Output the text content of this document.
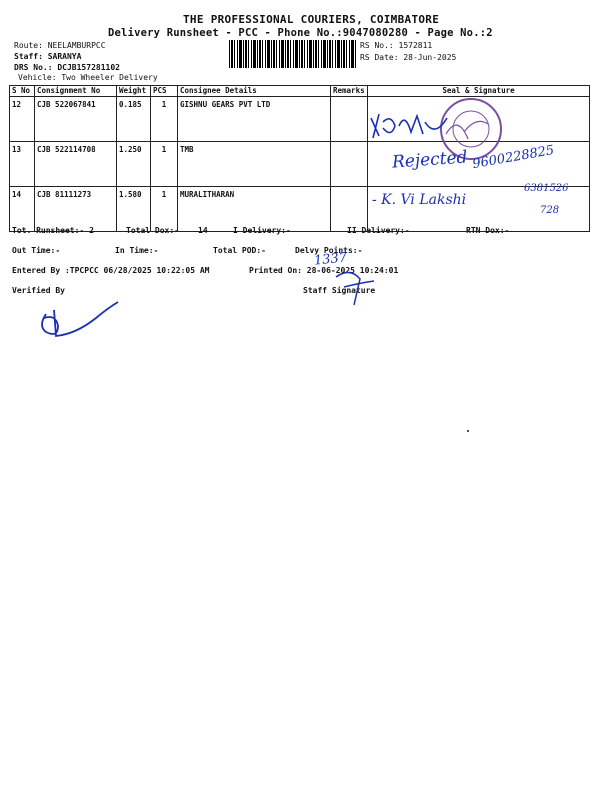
THE PROFESSIONAL COURIERS, COIMBATORE
Delivery Runsheet - PCC - Phone No.:9047080280 - Page No.:2
Route: NEELAMBURPCC
Staff: SARANYA
DRS No.: DCJB157281102
Vehicle: Two Wheeler Delivery
RS No.: 1572811
RS Date: 28-Jun-2025
S No	Consignment No	Weight	PCS	Consignee Details	Remarks	Seal & Signature
12	CJB 522067841	0.185	1	GISHNU GEARS PVT LTD		
13	CJB 522114708	1.250	1	TMB		
14	CJB 81111273	1.580	1	MURALITHARAN		
Rejected 9600228825
- K. Vi Lakshi
6381526
728
Tot. Runsheet:- 2	Total Dox:- 14	I Delivery:-	II Delivery:-	RTN Dox:-
Out Time:-	In Time:-	Total POD:-	Delvy Points:-
Entered By :TPCPCC 06/28/2025 10:22:05 AM	Printed On: 28-06-2025 10:24:01
Verified By	Staff Signature
1337
